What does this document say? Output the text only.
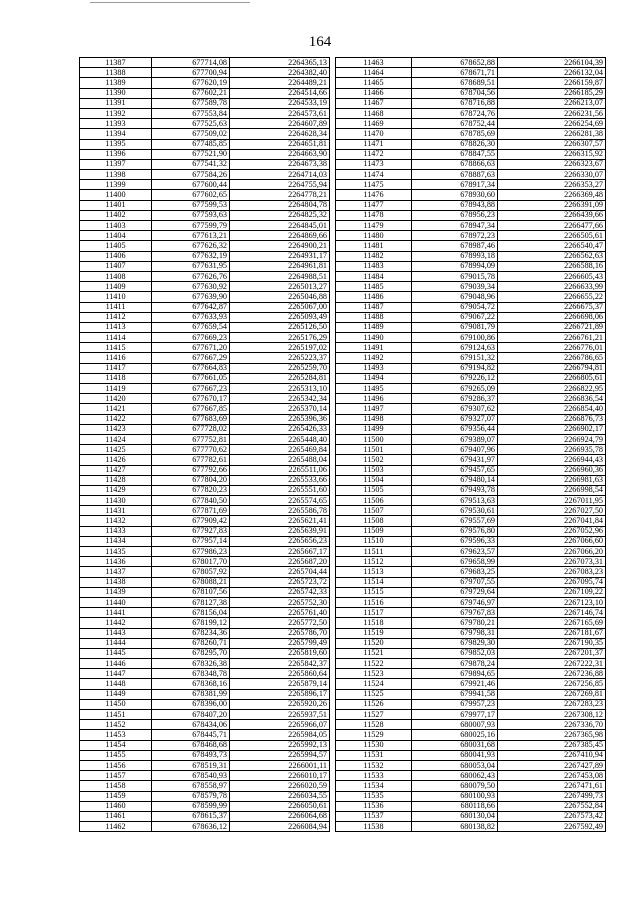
164
11387	677714,08	2264365,13
11388	677700,94	2264382,40
11389	677620,19	2264489,21
11390	677602,21	2264514,66
11391	677589,78	2264533,19
11392	677553,84	2264573,61
11393	677525,63	2264607,89
11394	677509,02	2264628,34
11395	677485,85	2264651,81
11396	677521,90	2264663,90
11397	677541,32	2264673,38
11398	677584,26	2264714,03
11399	677600,44	2264755,94
11400	677602,65	2264778,21
11401	677599,53	2264804,78
11402	677593,63	2264825,32
11403	677599,79	2264845,01
11404	677613,21	2264869,66
11405	677626,32	2264900,21
11406	677632,19	2264931,17
11407	677631,95	2264961,81
11408	677626,76	2264988,51
11409	677630,92	2265013,27
11410	677639,90	2265046,88
11411	677642,87	2265067,00
11412	677633,93	2265093,49
11413	677659,54	2265126,50
11414	677669,23	2265176,29
11415	677671,20	2265197,02
11416	677667,29	2265223,37
11417	677664,83	2265259,70
11418	677661,05	2265284,81
11419	677667,23	2265313,10
11420	677670,17	2265342,34
11421	677667,85	2265370,14
11422	677683,69	2265396,36
11423	677728,02	2265426,33
11424	677752,81	2265448,40
11425	677770,62	2265469,84
11426	677782,61	2265488,04
11427	677792,66	2265511,06
11428	677804,20	2265533,66
11429	677820,23	2265551,60
11430	677840,50	2265574,65
11431	677871,69	2265586,78
11432	677909,42	2265621,41
11433	677927,83	2265639,91
11434	677957,14	2265656,23
11435	677986,23	2265667,17
11436	678017,70	2265687,20
11437	678057,92	2265704,44
11438	678088,21	2265723,72
11439	678107,56	2265742,33
11440	678127,38	2265752,30
11441	678156,04	2265761,40
11442	678199,12	2265772,50
11443	678234,36	2265786,70
11444	678260,71	2265799,49
11445	678295,70	2265819,60
11446	678326,38	2265842,37
11447	678348,78	2265860,64
11448	678368,16	2265879,14
11449	678381,99	2265896,17
11450	678396,00	2265920,26
11451	678407,20	2265937,51
11452	678434,06	2265966,07
11453	678445,71	2265984,05
11454	678468,68	2265992,13
11455	678493,73	2265994,57
11456	678519,31	2266001,11
11457	678540,93	2266010,17
11458	678558,97	2266020,59
11459	678579,78	2266034,55
11460	678599,99	2266050,61
11461	678615,37	2266064,68
11462	678636,12	2266084,94
11463	678652,88	2266104,39
11464	678671,71	2266132,04
11465	678689,51	2266159,87
11466	678704,56	2266185,29
11467	678716,88	2266213,07
11468	678724,76	2266231,56
11469	678752,44	2266254,69
11470	678785,69	2266281,38
11471	678826,30	2266307,57
11472	678847,55	2266315,92
11473	678866,63	2266323,67
11474	678887,63	2266330,07
11475	678917,34	2266353,27
11476	678930,60	2266369,48
11477	678943,88	2266391,09
11478	678956,23	2266439,66
11479	678947,34	2266477,66
11480	678972,23	2266505,61
11481	678987,46	2266540,47
11482	678993,18	2266562,63
11483	678994,09	2266588,16
11484	679015,78	2266605,43
11485	679039,34	2266633,99
11486	679048,96	2266655,22
11487	679054,72	2266675,37
11488	679067,22	2266698,06
11489	679081,79	2266721,89
11490	679100,86	2266761,21
11491	679124,63	2266776,01
11492	679151,32	2266786,65
11493	679194,82	2266794,81
11494	679226,12	2266805,61
11495	679265,09	2266822,95
11496	679286,37	2266836,54
11497	679307,62	2266854,40
11498	679327,07	2266876,73
11499	679356,44	2266902,17
11500	679389,07	2266924,79
11501	679407,96	2266935,78
11502	679431,97	2266944,43
11503	679457,65	2266960,36
11504	679480,14	2266981,63
11505	679493,78	2266998,54
11506	679513,63	2267011,95
11507	679530,61	2267027,50
11508	679557,69	2267041,84
11509	679576,80	2267052,96
11510	679596,33	2267066,60
11511	679623,57	2267066,20
11512	679658,99	2267073,31
11513	679683,25	2267083,23
11514	679707,55	2267095,74
11515	679729,64	2267109,22
11516	679746,97	2267123,10
11517	679767,83	2267146,74
11518	679780,21	2267165,69
11519	679798,31	2267181,67
11520	679829,30	2267190,35
11521	679852,03	2267201,37
11522	679878,24	2267222,31
11523	679894,65	2267236,88
11524	679921,46	2267256,85
11525	679941,58	2267269,81
11526	679957,23	2267283,23
11527	679977,17	2267308,12
11528	680007,93	2267336,70
11529	680025,16	2267365,98
11530	680031,68	2267385,45
11531	680041,93	2267410,94
11532	680053,04	2267427,89
11533	680062,43	2267453,08
11534	680079,50	2267471,61
11535	680100,93	2267499,73
11536	680118,66	2267552,84
11537	680130,04	2267573,42
11538	680138,82	2267592,49
